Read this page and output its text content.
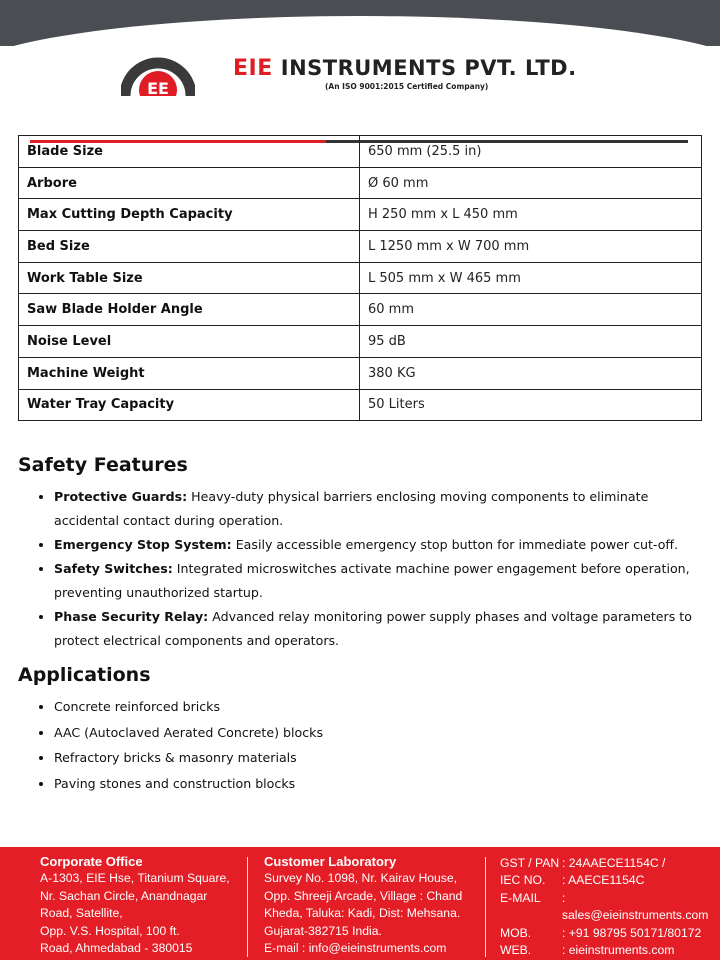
EE
EIE INSTRUMENTS PVT. LTD.
(An ISO 9001:2015 Certified Company)
Blade Size	650 mm (25.5 in)
Arbore	Ø 60 mm
Max Cutting Depth Capacity	H 250 mm x L 450 mm
Bed Size	L 1250 mm x W 700 mm
Work Table Size	L 505 mm x W 465 mm
Saw Blade Holder Angle	60 mm
Noise Level	95 dB
Machine Weight	380 KG
Water Tray Capacity	50 Liters
Safety Features
• Protective Guards: Heavy-duty physical barriers enclosing moving components to eliminate accidental contact during operation.
• Emergency Stop System: Easily accessible emergency stop button for immediate power cut-off.
• Safety Switches: Integrated microswitches activate machine power engagement before operation, preventing unauthorized startup.
• Phase Security Relay: Advanced relay monitoring power supply phases and voltage parameters to protect electrical components and operators.
Applications
• Concrete reinforced bricks
• AAC (Autoclaved Aerated Concrete) blocks
• Refractory bricks & masonry materials
• Paving stones and construction blocks
Corporate Office
A-1303, EIE Hse, Titanium Square,
Nr. Sachan Circle, Anandnagar
Road, Satellite,
Opp. V.S. Hospital, 100 ft.
Road, Ahmedabad - 380015
Customer Laboratory
Survey No. 1098, Nr. Kairav House,
Opp. Shreeji Arcade, Village : Chand
Kheda, Taluka: Kadi, Dist: Mehsana.
Gujarat-382715 India.
E-mail : info@eieinstruments.com
GST / PAN : 24AAECE1154C /
IEC NO.	: AAECE1154C
E-MAIL	: sales@eieinstruments.com
MOB.	: +91 98795 50171/80172
WEB.	: eieinstruments.com
